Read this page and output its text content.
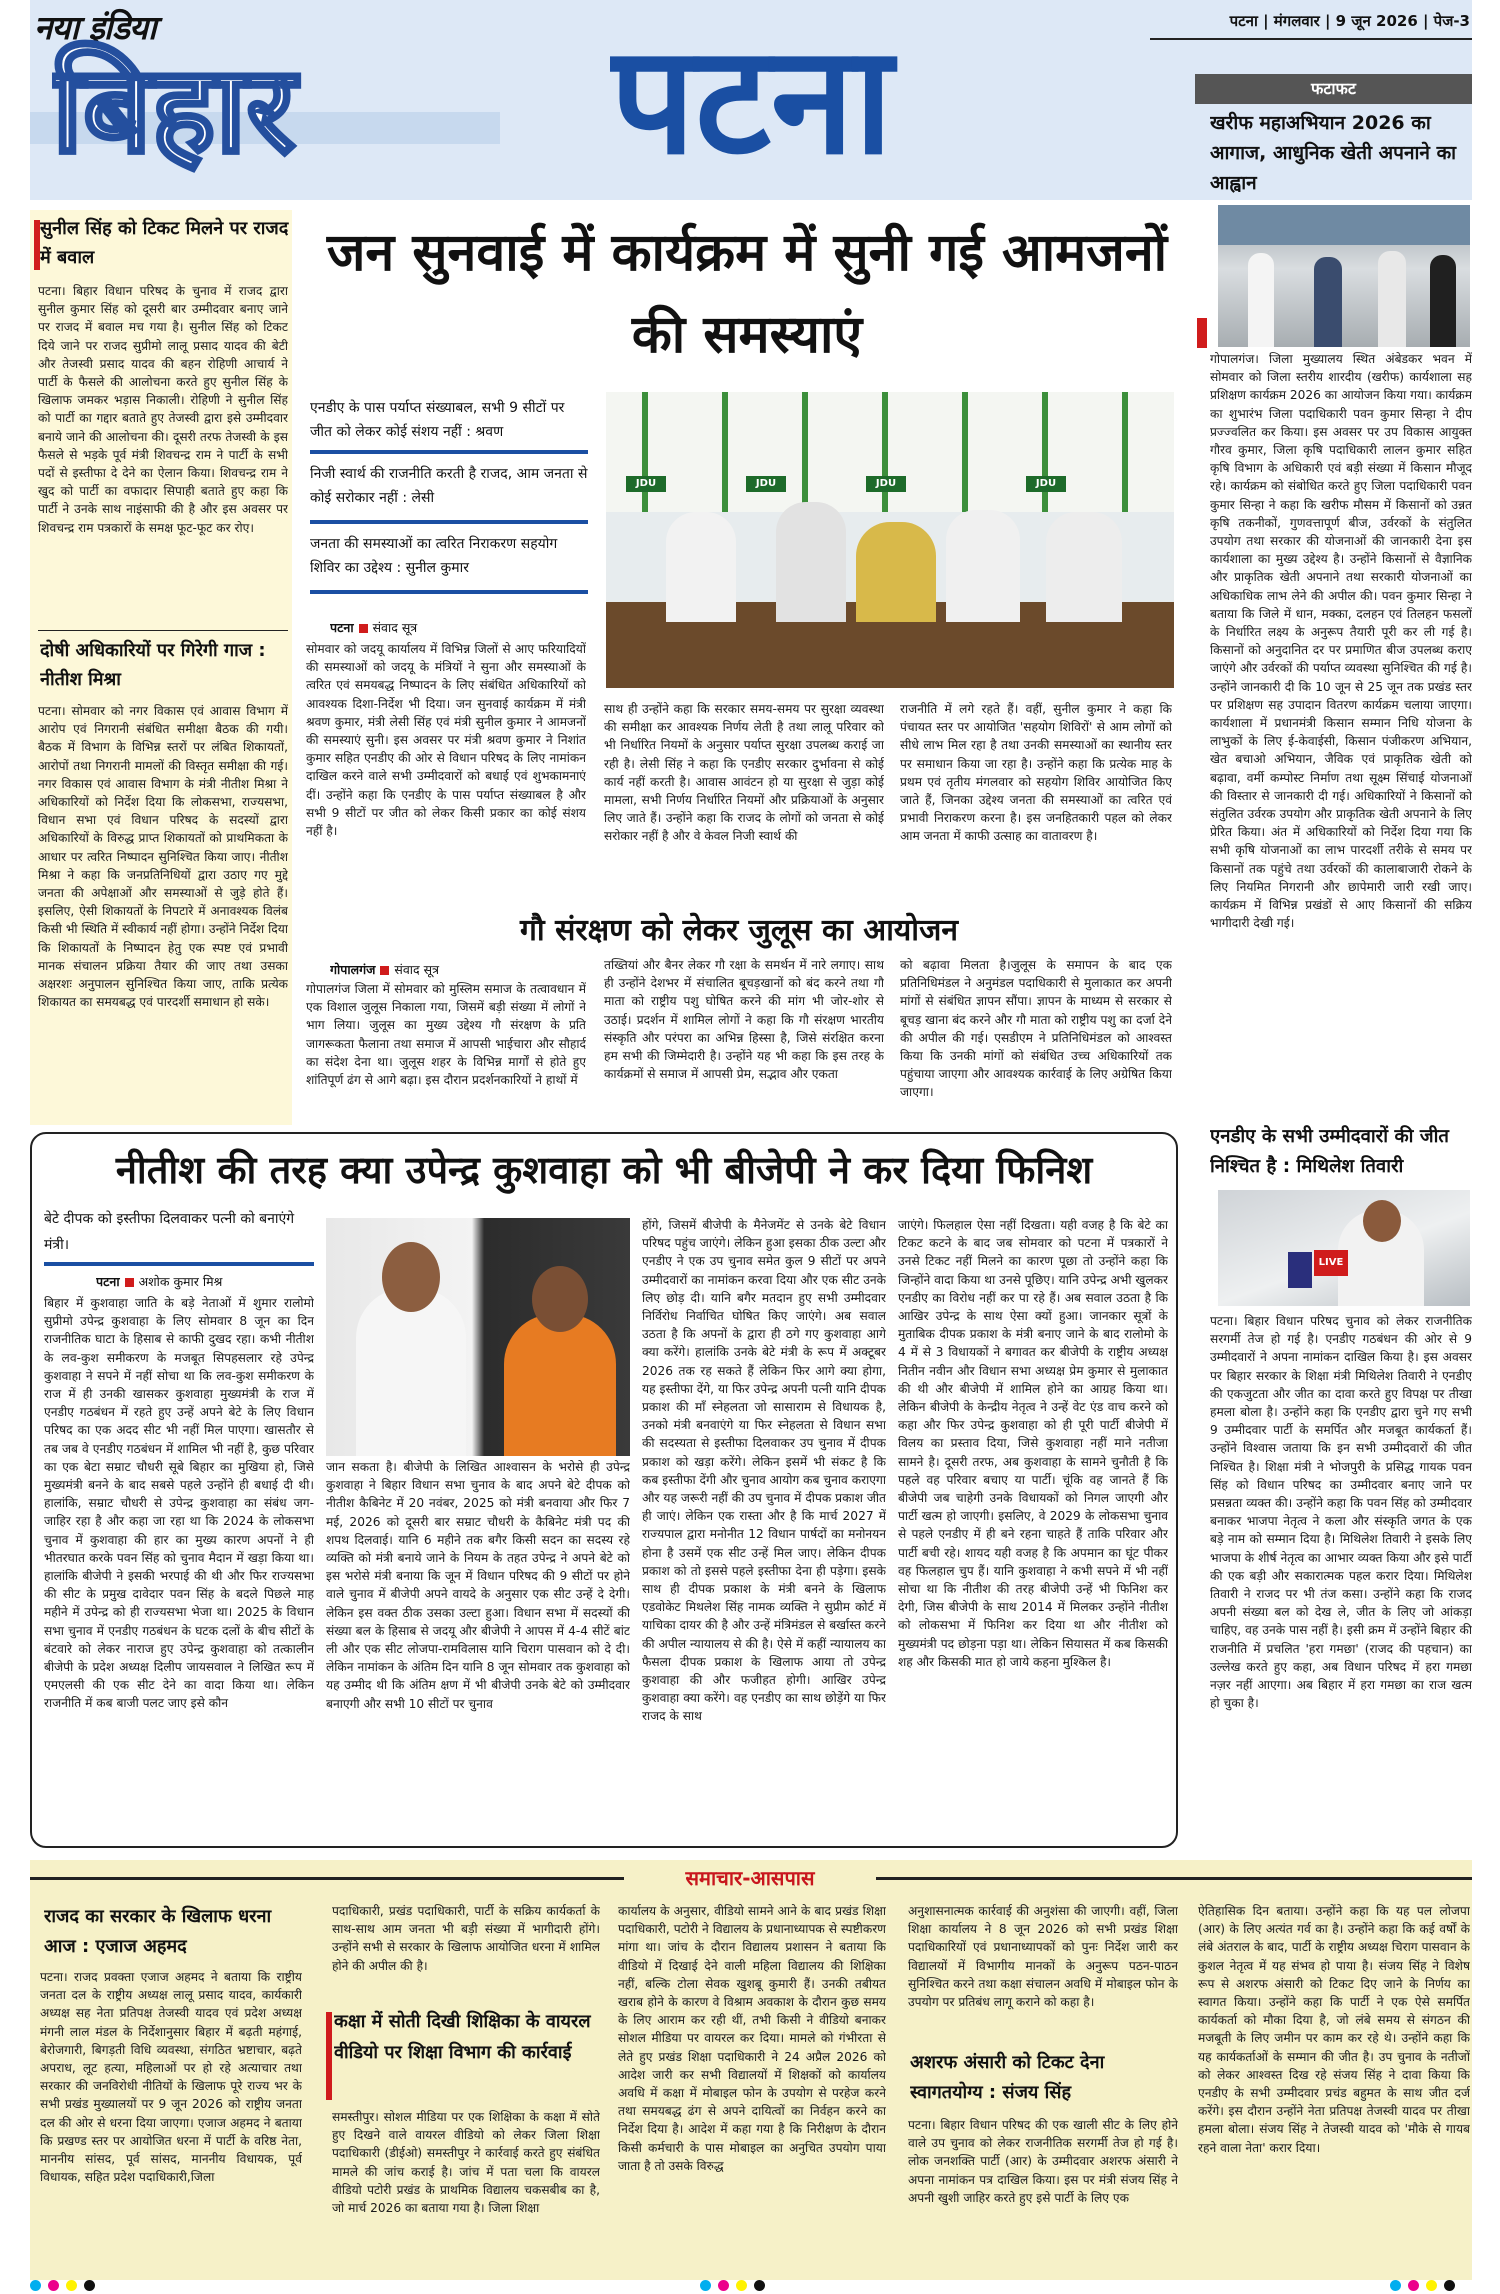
नया इंडिया
बिहार	पटना	पटना | मंगलवार | 9 जून 2026 | पेज-3
फटाफट
खरीफ महाअभियान 2026 का आगाज, आधुनिक खेती अपनाने का आह्वान
गोपालगंज। जिला मुख्यालय स्थित अंबेडकर भवन में सोमवार को जिला स्तरीय शारदीय (खरीफ) कार्यशाला सह प्रशिक्षण कार्यक्रम 2026 का आयोजन किया गया। कार्यक्रम का शुभारंभ जिला पदाधिकारी पवन कुमार सिन्हा ने दीप प्रज्ज्वलित कर किया। इस अवसर पर उप विकास आयुक्त गौरव कुमार, जिला कृषि पदाधिकारी लालन कुमार सहित कृषि विभाग के अधिकारी एवं बड़ी संख्या में किसान मौजूद रहे। कार्यक्रम को संबोधित करते हुए जिला पदाधिकारी पवन कुमार सिन्हा ने कहा कि खरीफ मौसम में किसानों को उन्नत कृषि तकनीकों, गुणवत्तापूर्ण बीज, उर्वरकों के संतुलित उपयोग तथा सरकार की योजनाओं की जानकारी देना इस कार्यशाला का मुख्य उद्देश्य है। उन्होंने किसानों से वैज्ञानिक और प्राकृतिक खेती अपनाने तथा सरकारी योजनाओं का अधिकाधिक लाभ लेने की अपील की। पवन कुमार सिन्हा ने बताया कि जिले में धान, मक्का, दलहन एवं तिलहन फसलों के निर्धारित लक्ष्य के अनुरूप तैयारी पूरी कर ली गई है। किसानों को अनुदानित दर पर प्रमाणित बीज उपलब्ध कराए जाएंगे और उर्वरकों की पर्याप्त व्यवस्था सुनिश्चित की गई है। उन्होंने जानकारी दी कि 10 जून से 25 जून तक प्रखंड स्तर पर प्रशिक्षण सह उपादान वितरण कार्यक्रम चलाया जाएगा। कार्यशाला में प्रधानमंत्री किसान सम्मान निधि योजना के लाभुकों के लिए ई-केवाईसी, किसान पंजीकरण अभियान, खेत बचाओ अभियान, जैविक एवं प्राकृतिक खेती को बढ़ावा, वर्मी कम्पोस्ट निर्माण तथा सूक्ष्म सिंचाई योजनाओं की विस्तार से जानकारी दी गई। अधिकारियों ने किसानों को संतुलित उर्वरक उपयोग और प्राकृतिक खेती अपनाने के लिए प्रेरित किया। अंत में अधिकारियों को निर्देश दिया गया कि सभी कृषि योजनाओं का लाभ पारदर्शी तरीके से समय पर किसानों तक पहुंचे तथा उर्वरकों की कालाबाजारी रोकने के लिए नियमित निगरानी और छापेमारी जारी रखी जाए। कार्यक्रम में विभिन्न प्रखंडों से आए किसानों की सक्रिय भागीदारी देखी गई।
एनडीए के सभी उम्मीदवारों की जीत निश्चित है : मिथिलेश तिवारी
LIVE
पटना। बिहार विधान परिषद चुनाव को लेकर राजनीतिक सरगर्मी तेज हो गई है। एनडीए गठबंधन की ओर से 9 उम्मीदवारों ने अपना नामांकन दाखिल किया है। इस अवसर पर बिहार सरकार के शिक्षा मंत्री मिथिलेश तिवारी ने एनडीए की एकजुटता और जीत का दावा करते हुए विपक्ष पर तीखा हमला बोला है। उन्होंने कहा कि एनडीए द्वारा चुने गए सभी 9 उम्मीदवार पार्टी के समर्पित और मजबूत कार्यकर्ता हैं। उन्होंने विश्वास जताया कि इन सभी उम्मीदवारों की जीत निश्चित है। शिक्षा मंत्री ने भोजपुरी के प्रसिद्ध गायक पवन सिंह को विधान परिषद का उम्मीदवार बनाए जाने पर प्रसन्नता व्यक्त की। उन्होंने कहा कि पवन सिंह को उम्मीदवार बनाकर भाजपा नेतृत्व ने कला और संस्कृति जगत के एक बड़े नाम को सम्मान दिया है। मिथिलेश तिवारी ने इसके लिए भाजपा के शीर्ष नेतृत्व का आभार व्यक्त किया और इसे पार्टी की एक बड़ी और सकारात्मक पहल करार दिया। मिथिलेश तिवारी ने राजद पर भी तंज कसा। उन्होंने कहा कि राजद अपनी संख्या बल को देख ले, जीत के लिए जो आंकड़ा चाहिए, वह उनके पास नहीं है। इसी क्रम में उन्होंने बिहार की राजनीति में प्रचलित 'हरा गमछा' (राजद की पहचान) का उल्लेख करते हुए कहा, अब विधान परिषद में हरा गमछा नज़र नहीं आएगा। अब बिहार में हरा गमछा का राज खत्म हो चुका है।
सुनील सिंह को टिकट मिलने पर राजद में बवाल
पटना। बिहार विधान परिषद के चुनाव में राजद द्वारा सुनील कुमार सिंह को दूसरी बार उम्मीदवार बनाए जाने पर राजद में बवाल मच गया है। सुनील सिंह को टिकट दिये जाने पर राजद सुप्रीमो लालू प्रसाद यादव की बेटी और तेजस्वी प्रसाद यादव की बहन रोहिणी आचार्य ने पार्टी के फैसले की आलोचना करते हुए सुनील सिंह के खिलाफ जमकर भड़ास निकाली। रोहिणी ने सुनील सिंह को पार्टी का गद्दार बताते हुए तेजस्वी द्वारा इसे उम्मीदवार बनाये जाने की आलोचना की। दूसरी तरफ तेजस्वी के इस फैसले से भड़के पूर्व मंत्री शिवचन्द्र राम ने पार्टी के सभी पदों से इस्तीफा दे देने का ऐलान किया। शिवचन्द्र राम ने खुद को पार्टी का वफादार सिपाही बताते हुए कहा कि पार्टी ने उनके साथ नाइंसाफी की है और इस अवसर पर शिवचन्द्र राम पत्रकारों के समक्ष फूट-फूट कर रोए।
दोषी अधिकारियों पर गिरेगी गाज : नीतीश मिश्रा
पटना। सोमवार को नगर विकास एवं आवास विभाग में आरोप एवं निगरानी संबंधित समीक्षा बैठक की गयी। बैठक में विभाग के विभिन्न स्तरों पर लंबित शिकायतों, आरोपों तथा निगरानी मामलों की विस्तृत समीक्षा की गई। नगर विकास एवं आवास विभाग के मंत्री नीतीश मिश्रा ने अधिकारियों को निर्देश दिया कि लोकसभा, राज्यसभा, विधान सभा एवं विधान परिषद के सदस्यों द्वारा अधिकारियों के विरुद्ध प्राप्त शिकायतों को प्राथमिकता के आधार पर त्वरित निष्पादन सुनिश्चित किया जाए। नीतीश मिश्रा ने कहा कि जनप्रतिनिधियों द्वारा उठाए गए मुद्दे जनता की अपेक्षाओं और समस्याओं से जुड़े होते हैं। इसलिए, ऐसी शिकायतों के निपटारे में अनावश्यक विलंब किसी भी स्थिति में स्वीकार्य नहीं होगा। उन्होंने निर्देश दिया कि शिकायतों के निष्पादन हेतु एक स्पष्ट एवं प्रभावी मानक संचालन प्रक्रिया तैयार की जाए तथा उसका अक्षरशः अनुपालन सुनिश्चित किया जाए, ताकि प्रत्येक शिकायत का समयबद्ध एवं पारदर्शी समाधान हो सके।
जन सुनवाई में कार्यक्रम में सुनी गई आमजनों की समस्याएं
एनडीए के पास पर्याप्त संख्याबल, सभी 9 सीटों पर जीत को लेकर कोई संशय नहीं : श्रवण
निजी स्वार्थ की राजनीति करती है राजद, आम जनता से कोई सरोकार नहीं : लेसी
जनता की समस्याओं का त्वरित निराकरण सहयोग शिविर का उद्देश्य : सुनील कुमार
JDU	JDU	JDU	JDU
पटना संवाद सूत्र
सोमवार को जदयू कार्यालय में विभिन्न जिलों से आए फरियादियों की समस्याओं को जदयू के मंत्रियों ने सुना और समस्याओं के त्वरित एवं समयबद्ध निष्पादन के लिए संबंधित अधिकारियों को आवश्यक दिशा-निर्देश भी दिया। जन सुनवाई कार्यक्रम में मंत्री श्रवण कुमार, मंत्री लेसी सिंह एवं मंत्री सुनील कुमार ने आमजनों की समस्याएं सुनी। इस अवसर पर मंत्री श्रवण कुमार ने निशांत कुमार सहित एनडीए की ओर से विधान परिषद के लिए नामांकन दाखिल करने वाले सभी उम्मीदवारों को बधाई एवं शुभकामनाएं दीं। उन्होंने कहा कि एनडीए के पास पर्याप्त संख्याबल है और सभी 9 सीटों पर जीत को लेकर किसी प्रकार का कोई संशय नहीं है।
साथ ही उन्होंने कहा कि सरकार समय-समय पर सुरक्षा व्यवस्था की समीक्षा कर आवश्यक निर्णय लेती है तथा लालू परिवार को भी निर्धारित नियमों के अनुसार पर्याप्त सुरक्षा उपलब्ध कराई जा रही है। लेसी सिंह ने कहा कि एनडीए सरकार दुर्भावना से कोई कार्य नहीं करती है। आवास आवंटन हो या सुरक्षा से जुड़ा कोई मामला, सभी निर्णय निर्धारित नियमों और प्रक्रियाओं के अनुसार लिए जाते हैं। उन्होंने कहा कि राजद के लोगों को जनता से कोई सरोकार नहीं है और वे केवल निजी स्वार्थ की
राजनीति में लगे रहते हैं। वहीं, सुनील कुमार ने कहा कि पंचायत स्तर पर आयोजित 'सहयोग शिविरों' से आम लोगों को सीधे लाभ मिल रहा है तथा उनकी समस्याओं का स्थानीय स्तर पर समाधान किया जा रहा है। उन्होंने कहा कि प्रत्येक माह के प्रथम एवं तृतीय मंगलवार को सहयोग शिविर आयोजित किए जाते हैं, जिनका उद्देश्य जनता की समस्याओं का त्वरित एवं प्रभावी निराकरण करना है। इस जनहितकारी पहल को लेकर आम जनता में काफी उत्साह का वातावरण है।
गौ संरक्षण को लेकर जुलूस का आयोजन
गोपालगंज संवाद सूत्र
गोपालगंज जिला में सोमवार को मुस्लिम समाज के तत्वावधान में एक विशाल जुलूस निकाला गया, जिसमें बड़ी संख्या में लोगों ने भाग लिया। जुलूस का मुख्य उद्देश्य गौ संरक्षण के प्रति जागरूकता फैलाना तथा समाज में आपसी भाईचारा और सौहार्द का संदेश देना था। जुलूस शहर के विभिन्न मार्गों से होते हुए शांतिपूर्ण ढंग से आगे बढ़ा। इस दौरान प्रदर्शनकारियों ने हाथों में
तख्तियां और बैनर लेकर गौ रक्षा के समर्थन में नारे लगाए। साथ ही उन्होंने देशभर में संचालित बूचड़खानों को बंद करने तथा गौ माता को राष्ट्रीय पशु घोषित करने की मांग भी जोर-शोर से उठाई। प्रदर्शन में शामिल लोगों ने कहा कि गौ संरक्षण भारतीय संस्कृति और परंपरा का अभिन्न हिस्सा है, जिसे संरक्षित करना हम सभी की जिम्मेदारी है। उन्होंने यह भी कहा कि इस तरह के कार्यक्रमों से समाज में आपसी प्रेम, सद्भाव और एकता
को बढ़ावा मिलता है।जुलूस के समापन के बाद एक प्रतिनिधिमंडल ने अनुमंडल पदाधिकारी से मुलाकात कर अपनी मांगों से संबंधित ज्ञापन सौंपा। ज्ञापन के माध्यम से सरकार से बूचड़ खाना बंद करने और गौ माता को राष्ट्रीय पशु का दर्जा देने की अपील की गई। एसडीएम ने प्रतिनिधिमंडल को आश्वस्त किया कि उनकी मांगों को संबंधित उच्च अधिकारियों तक पहुंचाया जाएगा और आवश्यक कार्रवाई के लिए अग्रेषित किया जाएगा।
नीतीश की तरह क्या उपेन्द्र कुशवाहा को भी बीजेपी ने कर दिया फिनिश
बेटे दीपक को इस्तीफा दिलवाकर पत्नी को बनाएंगे मंत्री।
पटना अशोक कुमार मिश्र
बिहार में कुशवाहा जाति के बड़े नेताओं में शुमार रालोमो सुप्रीमो उपेन्द्र कुशवाहा के लिए सोमवार 8 जून का दिन राजनीतिक घाटा के हिसाब से काफी दुखद रहा। कभी नीतीश के लव-कुश समीकरण के मजबूत सिपहसलार रहे उपेन्द्र कुशवाहा ने सपने में नहीं सोचा था कि लव-कुश समीकरण के राज में ही उनकी खासकर कुशवाहा मुख्यमंत्री के राज में एनडीए गठबंधन में रहते हुए उन्हें अपने बेटे के लिए विधान परिषद का एक अदद सीट भी नहीं मिल पाएगा। खासतौर से तब जब वे एनडीए गठबंधन में शामिल भी नहीं है, कुछ परिवार का एक बेटा सम्राट चौधरी सूबे बिहार का मुखिया हो, जिसे मुख्यमंत्री बनने के बाद सबसे पहले उन्होंने ही बधाई दी थी। हालांकि, सम्राट चौधरी से उपेन्द्र कुशवाहा का संबंध जग-जाहिर रहा है और कहा जा रहा था कि 2024 के लोकसभा चुनाव में कुशवाहा की हार का मुख्य कारण अपनों ने ही भीतरघात करके पवन सिंह को चुनाव मैदान में खड़ा किया था। हालांकि बीजेपी ने इसकी भरपाई की थी और फिर राज्यसभा की सीट के प्रमुख दावेदार पवन सिंह के बदले पिछले माह महीने में उपेन्द्र को ही राज्यसभा भेजा था। 2025 के विधान सभा चुनाव में एनडीए गठबंधन के घटक दलों के बीच सीटों के बंटवारे को लेकर नाराज हुए उपेन्द्र कुशवाहा को तत्कालीन बीजेपी के प्रदेश अध्यक्ष दिलीप जायसवाल ने लिखित रूप में एमएलसी की एक सीट देने का वादा किया था। लेकिन राजनीति में कब बाजी पलट जाए इसे कौन
जान सकता है। बीजेपी के लिखित आश्वासन के भरोसे ही उपेन्द्र कुशवाहा ने बिहार विधान सभा चुनाव के बाद अपने बेटे दीपक को नीतीश कैबिनेट में 20 नवंबर, 2025 को मंत्री बनवाया और फिर 7 मई, 2026 को दूसरी बार सम्राट चौधरी के कैबिनेट मंत्री पद की शपथ दिलवाई। यानि 6 महीने तक बगैर किसी सदन का सदस्य रहे व्यक्ति को मंत्री बनाये जाने के नियम के तहत उपेन्द्र ने अपने बेटे को इस भरोसे मंत्री बनाया कि जून में विधान परिषद की 9 सीटों पर होने वाले चुनाव में बीजेपी अपने वायदे के अनुसार एक सीट उन्हें दे देगी। लेकिन इस वक्त ठीक उसका उल्टा हुआ। विधान सभा में सदस्यों की संख्या बल के हिसाब से जदयू और बीजेपी ने आपस में 4-4 सीटें बांट ली और एक सीट लोजपा-रामविलास यानि चिराग पासवान को दे दी। लेकिन नामांकन के अंतिम दिन यानि 8 जून सोमवार तक कुशवाहा को यह उम्मीद थी कि अंतिम क्षण में भी बीजेपी उनके बेटे को उम्मीदवार बनाएगी और सभी 10 सीटों पर चुनाव
होंगे, जिसमें बीजेपी के मैनेजमेंट से उनके बेटे विधान परिषद पहुंच जाएंगे। लेकिन हुआ इसका ठीक उल्टा और एनडीए ने एक उप चुनाव समेत कुल 9 सीटों पर अपने उम्मीदवारों का नामांकन करवा दिया और एक सीट उनके लिए छोड़ दी। यानि बगैर मतदान हुए सभी उम्मीदवार निर्विरोध निर्वाचित घोषित किए जाएंगे। अब सवाल उठता है कि अपनों के द्वारा ही ठगे गए कुशवाहा आगे क्या करेंगे। हालांकि उनके बेटे मंत्री के रूप में अक्टूबर 2026 तक रह सकते हैं लेकिन फिर आगे क्या होगा, यह इस्तीफा देंगे, या फिर उपेन्द्र अपनी पत्नी यानि दीपक प्रकाश की माँ स्नेहलता जो सासाराम से विधायक है, उनको मंत्री बनवाएंगे या फिर स्नेहलता से विधान सभा की सदस्यता से इस्तीफा दिलवाकर उप चुनाव में दीपक प्रकाश को खड़ा करेंगे। लेकिन इसमें भी संकट है कि कब इस्तीफा देंगी और चुनाव आयोग कब चुनाव कराएगा और यह जरूरी नहीं की उप चुनाव में दीपक प्रकाश जीत ही जाएं। लेकिन एक रास्ता और है कि मार्च 2027 में राज्यपाल द्वारा मनोनीत 12 विधान पार्षदों का मनोनयन होना है उसमें एक सीट उन्हें मिल जाए। लेकिन दीपक प्रकाश को तो इससे पहले इस्तीफा देना ही पड़ेगा। इसके साथ ही दीपक प्रकाश के मंत्री बनने के खिलाफ एडवोकेट मिथलेश सिंह नामक व्यक्ति ने सुप्रीम कोर्ट में याचिका दायर की है और उन्हें मंत्रिमंडल से बर्खास्त करने की अपील न्यायालय से की है। ऐसे में कहीं न्यायालय का फैसला दीपक प्रकाश के खिलाफ आया तो उपेन्द्र कुशवाहा की और फजीहत होगी। आखिर उपेन्द्र कुशवाहा क्या करेंगे। वह एनडीए का साथ छोड़ेंगे या फिर राजद के साथ
जाएंगे। फिलहाल ऐसा नहीं दिखता। यही वजह है कि बेटे का टिकट कटने के बाद जब सोमवार को पटना में पत्रकारों ने उनसे टिकट नहीं मिलने का कारण पूछा तो उन्होंने कहा कि जिन्होंने वादा किया था उनसे पूछिए। यानि उपेन्द्र अभी खुलकर एनडीए का विरोध नहीं कर पा रहे हैं। अब सवाल उठता है कि आखिर उपेन्द्र के साथ ऐसा क्यों हुआ। जानकार सूत्रों के मुताबिक दीपक प्रकाश के मंत्री बनाए जाने के बाद रालोमो के 4 में से 3 विधायकों ने बगावत कर बीजेपी के राष्ट्रीय अध्यक्ष नितीन नवीन और विधान सभा अध्यक्ष प्रेम कुमार से मुलाकात की थी और बीजेपी में शामिल होने का आग्रह किया था। लेकिन बीजेपी के केन्द्रीय नेतृत्व ने उन्हें वेट एंड वाच करने को कहा और फिर उपेन्द्र कुशवाहा को ही पूरी पार्टी बीजेपी में विलय का प्रस्ताव दिया, जिसे कुशवाहा नहीं माने नतीजा सामने है। दूसरी तरफ, अब कुशवाहा के सामने चुनौती है कि पहले वह परिवार बचाए या पार्टी। चूंकि वह जानते हैं कि बीजेपी जब चाहेगी उनके विधायकों को निगल जाएगी और पार्टी खत्म हो जाएगी। इसलिए, वे 2029 के लोकसभा चुनाव से पहले एनडीए में ही बने रहना चाहते हैं ताकि परिवार और पार्टी बची रहे। शायद यही वजह है कि अपमान का घूंट पीकर वह फिलहाल चुप हैं। यानि कुशवाहा ने कभी सपने में भी नहीं सोचा था कि नीतीश की तरह बीजेपी उन्हें भी फिनिश कर देगी, जिस बीजेपी के साथ 2014 में मिलकर उन्होंने नीतीश को लोकसभा में फिनिश कर दिया था और नीतीश को मुख्यमंत्री पद छोड़ना पड़ा था। लेकिन सियासत में कब किसकी शह और किसकी मात हो जाये कहना मुश्किल है।
समाचार-आसपास
राजद का सरकार के खिलाफ धरना आज : एजाज अहमद
पटना। राजद प्रवक्ता एजाज अहमद ने बताया कि राष्ट्रीय जनता दल के राष्ट्रीय अध्यक्ष लालू प्रसाद यादव, कार्यकारी अध्यक्ष सह नेता प्रतिपक्ष तेजस्वी यादव एवं प्रदेश अध्यक्ष मंगनी लाल मंडल के निर्देशानुसार बिहार में बढ़ती महंगाई, बेरोजगारी, बिगड़ती विधि व्यवस्था, संगठित भ्रष्टाचार, बढ़ते अपराध, लूट हत्या, महिलाओं पर हो रहे अत्याचार तथा सरकार की जनविरोधी नीतियों के खिलाफ पूरे राज्य भर के सभी प्रखंड मुख्यालयों पर 9 जून 2026 को राष्ट्रीय जनता दल की ओर से धरना दिया जाएगा। एजाज अहमद ने बताया कि प्रखण्ड स्तर पर आयोजित धरना में पार्टी के वरिष्ठ नेता, माननीय सांसद, पूर्व सांसद, माननीय विधायक, पूर्व विधायक, सहित प्रदेश पदाधिकारी,जिला
पदाधिकारी, प्रखंड पदाधिकारी, पार्टी के सक्रिय कार्यकर्ता के साथ-साथ आम जनता भी बड़ी संख्या में भागीदारी होंगे। उन्होंने सभी से सरकार के खिलाफ आयोजित धरना में शामिल होने की अपील की है।
कक्षा में सोती दिखी शिक्षिका के वायरल वीडियो पर शिक्षा विभाग की कार्रवाई
समस्तीपुर। सोशल मीडिया पर एक शिक्षिका के कक्षा में सोते हुए दिखने वाले वायरल वीडियो को लेकर जिला शिक्षा पदाधिकारी (डीईओ) समस्तीपुर ने कार्रवाई करते हुए संबंधित मामले की जांच कराई है। जांच में पता चला कि वायरल वीडियो पटोरी प्रखंड के प्राथमिक विद्यालय चकसबीब का है, जो मार्च 2026 का बताया गया है। जिला शिक्षा
कार्यालय के अनुसार, वीडियो सामने आने के बाद प्रखंड शिक्षा पदाधिकारी, पटोरी ने विद्यालय के प्रधानाध्यापक से स्पष्टीकरण मांगा था। जांच के दौरान विद्यालय प्रशासन ने बताया कि वीडियो में दिखाई देने वाली महिला विद्यालय की शिक्षिका नहीं, बल्कि टोला सेवक खुशबू कुमारी हैं। उनकी तबीयत खराब होने के कारण वे विश्राम अवकाश के दौरान कुछ समय के लिए आराम कर रही थीं, तभी किसी ने वीडियो बनाकर सोशल मीडिया पर वायरल कर दिया। मामले को गंभीरता से लेते हुए प्रखंड शिक्षा पदाधिकारी ने 24 अप्रैल 2026 को आदेश जारी कर सभी विद्यालयों में शिक्षकों को कार्यालय अवधि में कक्षा में मोबाइल फोन के उपयोग से परहेज करने तथा समयबद्ध ढंग से अपने दायित्वों का निर्वहन करने का निर्देश दिया है। आदेश में कहा गया है कि निरीक्षण के दौरान किसी कर्मचारी के पास मोबाइल का अनुचित उपयोग पाया जाता है तो उसके विरुद्ध
अनुशासनात्मक कार्रवाई की अनुशंसा की जाएगी। वहीं, जिला शिक्षा कार्यालय ने 8 जून 2026 को सभी प्रखंड शिक्षा पदाधिकारियों एवं प्रधानाध्यापकों को पुनः निर्देश जारी कर विद्यालयों में विभागीय मानकों के अनुरूप पठन-पाठन सुनिश्चित करने तथा कक्षा संचालन अवधि में मोबाइल फोन के उपयोग पर प्रतिबंध लागू कराने को कहा है।
अशरफ अंसारी को टिकट देना स्वागतयोग्य : संजय सिंह
पटना। बिहार विधान परिषद की एक खाली सीट के लिए होने वाले उप चुनाव को लेकर राजनीतिक सरगर्मी तेज हो गई है। लोक जनशक्ति पार्टी (आर) के उम्मीदवार अशरफ अंसारी ने अपना नामांकन पत्र दाखिल किया। इस पर मंत्री संजय सिंह ने अपनी खुशी जाहिर करते हुए इसे पार्टी के लिए एक
ऐतिहासिक दिन बताया। उन्होंने कहा कि यह पल लोजपा (आर) के लिए अत्यंत गर्व का है। उन्होंने कहा कि कई वर्षों के लंबे अंतराल के बाद, पार्टी के राष्ट्रीय अध्यक्ष चिराग पासवान के कुशल नेतृत्व में यह संभव हो पाया है। संजय सिंह ने विशेष रूप से अशरफ अंसारी को टिकट दिए जाने के निर्णय का स्वागत किया। उन्होंने कहा कि पार्टी ने एक ऐसे समर्पित कार्यकर्ता को मौका दिया है, जो लंबे समय से संगठन की मजबूती के लिए जमीन पर काम कर रहे थे। उन्होंने कहा कि यह कार्यकर्ताओं के सम्मान की जीत है। उप चुनाव के नतीजों को लेकर आश्वस्त दिख रहे संजय सिंह ने दावा किया कि एनडीए के सभी उम्मीदवार प्रचंड बहुमत के साथ जीत दर्ज करेंगे। इस दौरान उन्होंने नेता प्रतिपक्ष तेजस्वी यादव पर तीखा हमला बोला। संजय सिंह ने तेजस्वी यादव को 'मौके से गायब रहने वाला नेता' करार दिया।
